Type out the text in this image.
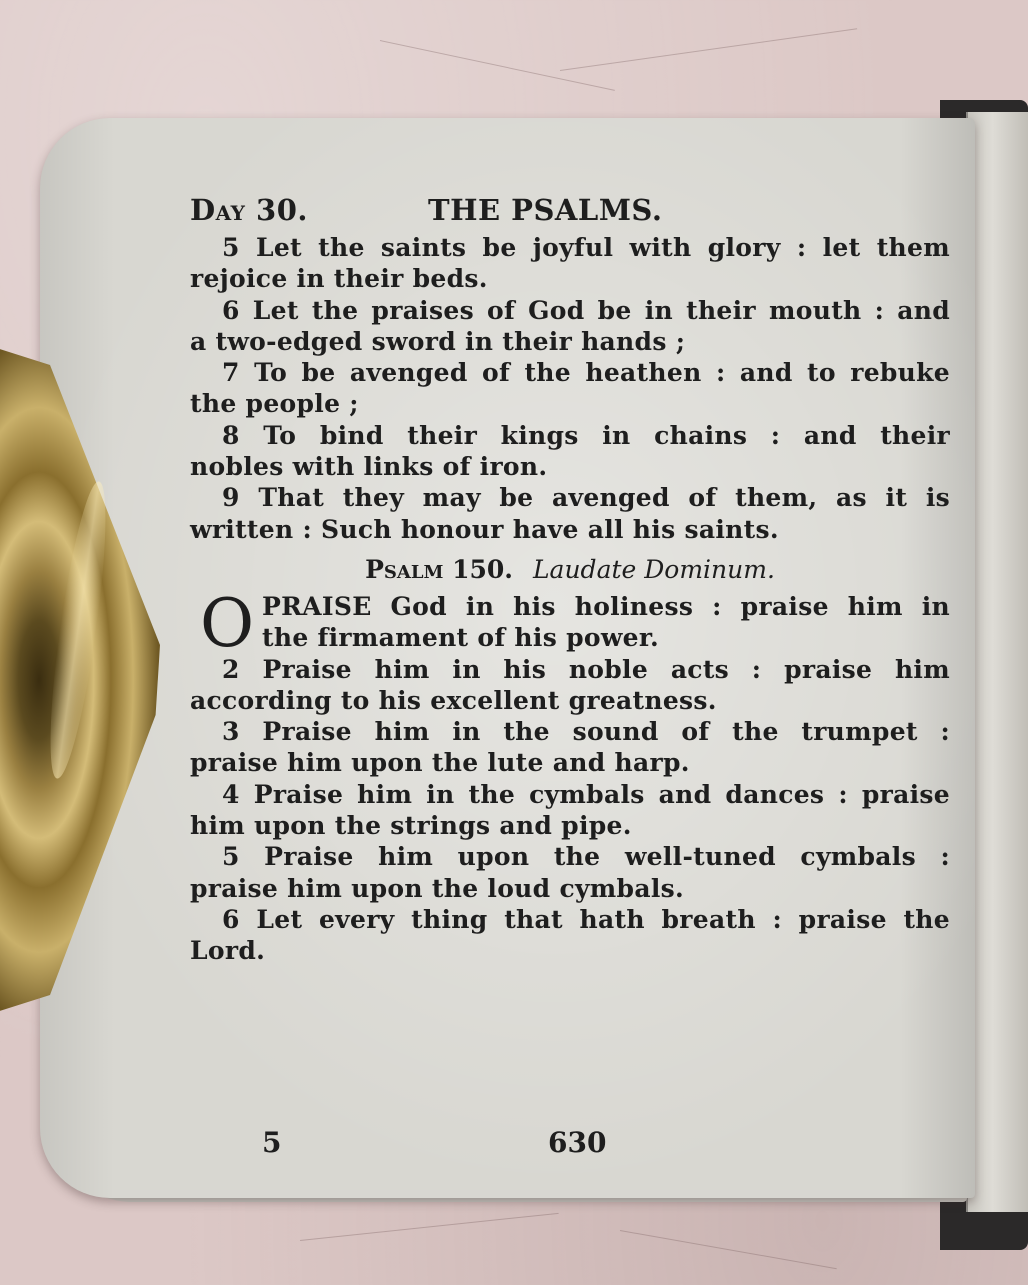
Day 30.	THE PSALMS.
5 Let the saints be joyful with glory : let them
rejoice in their beds.
6 Let the praises of God be in their mouth : and
a two-edged sword in their hands ;
7 To be avenged of the heathen : and to rebuke
the people ;
8 To bind their kings in chains : and their
nobles with links of iron.
9 That they may be avenged of them, as it is
written : Such honour have all his saints.
Psalm 150. Laudate Dominum.
O PRAISE God in his holiness : praise him in
the firmament of his power.
2 Praise him in his noble acts : praise him
according to his excellent greatness.
3 Praise him in the sound of the trumpet :
praise him upon the lute and harp.
4 Praise him in the cymbals and dances : praise
him upon the strings and pipe.
5 Praise him upon the well-tuned cymbals :
praise him upon the loud cymbals.
6 Let every thing that hath breath : praise the
Lord.
5	630
